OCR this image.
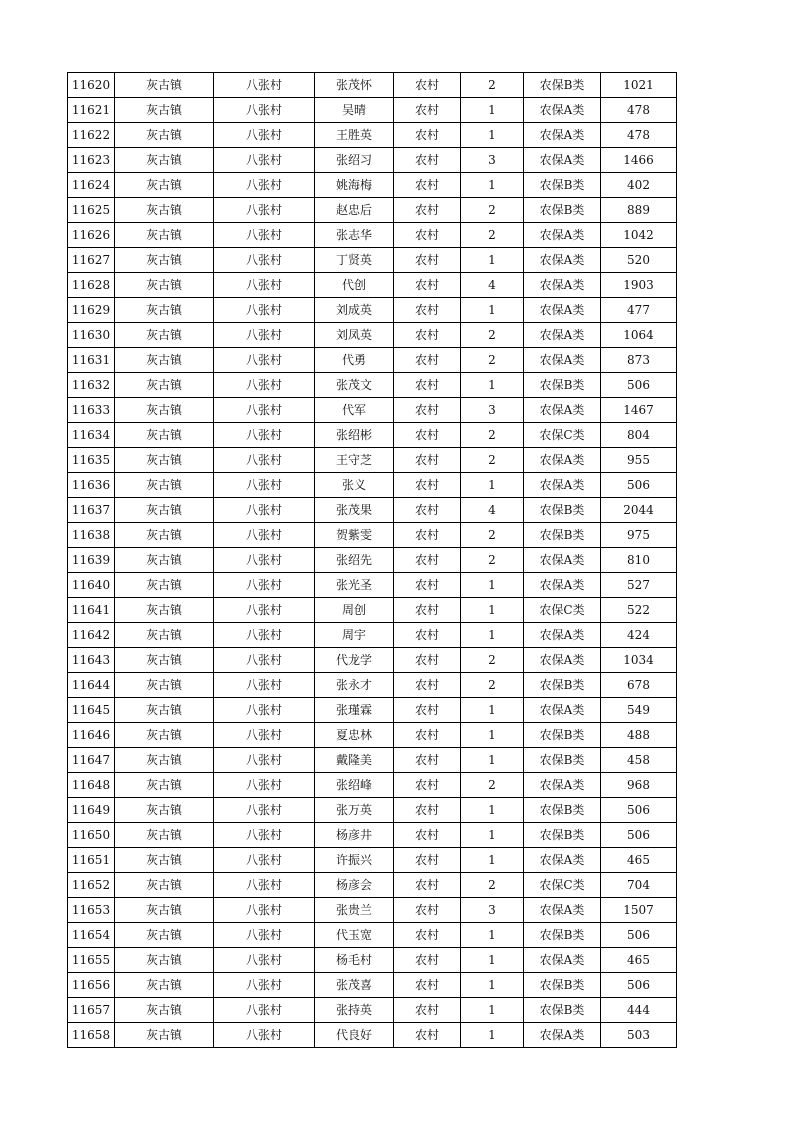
11620	灰古镇	八张村	张茂怀	农村	2	农保B类	1021
11621	灰古镇	八张村	吴晴	农村	1	农保A类	478
11622	灰古镇	八张村	王胜英	农村	1	农保A类	478
11623	灰古镇	八张村	张绍习	农村	3	农保A类	1466
11624	灰古镇	八张村	姚海梅	农村	1	农保B类	402
11625	灰古镇	八张村	赵忠后	农村	2	农保B类	889
11626	灰古镇	八张村	张志华	农村	2	农保A类	1042
11627	灰古镇	八张村	丁贤英	农村	1	农保A类	520
11628	灰古镇	八张村	代创	农村	4	农保A类	1903
11629	灰古镇	八张村	刘成英	农村	1	农保A类	477
11630	灰古镇	八张村	刘凤英	农村	2	农保A类	1064
11631	灰古镇	八张村	代勇	农村	2	农保A类	873
11632	灰古镇	八张村	张茂文	农村	1	农保B类	506
11633	灰古镇	八张村	代军	农村	3	农保A类	1467
11634	灰古镇	八张村	张绍彬	农村	2	农保C类	804
11635	灰古镇	八张村	王守芝	农村	2	农保A类	955
11636	灰古镇	八张村	张义	农村	1	农保A类	506
11637	灰古镇	八张村	张茂果	农村	4	农保B类	2044
11638	灰古镇	八张村	贺紫雯	农村	2	农保B类	975
11639	灰古镇	八张村	张绍先	农村	2	农保A类	810
11640	灰古镇	八张村	张光圣	农村	1	农保A类	527
11641	灰古镇	八张村	周创	农村	1	农保C类	522
11642	灰古镇	八张村	周宇	农村	1	农保A类	424
11643	灰古镇	八张村	代龙学	农村	2	农保A类	1034
11644	灰古镇	八张村	张永才	农村	2	农保B类	678
11645	灰古镇	八张村	张瑾霖	农村	1	农保A类	549
11646	灰古镇	八张村	夏忠林	农村	1	农保B类	488
11647	灰古镇	八张村	戴隆美	农村	1	农保B类	458
11648	灰古镇	八张村	张绍峰	农村	2	农保A类	968
11649	灰古镇	八张村	张万英	农村	1	农保B类	506
11650	灰古镇	八张村	杨彦井	农村	1	农保B类	506
11651	灰古镇	八张村	许振兴	农村	1	农保A类	465
11652	灰古镇	八张村	杨彦会	农村	2	农保C类	704
11653	灰古镇	八张村	张贵兰	农村	3	农保A类	1507
11654	灰古镇	八张村	代玉宽	农村	1	农保B类	506
11655	灰古镇	八张村	杨毛村	农村	1	农保A类	465
11656	灰古镇	八张村	张茂喜	农村	1	农保B类	506
11657	灰古镇	八张村	张持英	农村	1	农保B类	444
11658	灰古镇	八张村	代良好	农村	1	农保A类	503
